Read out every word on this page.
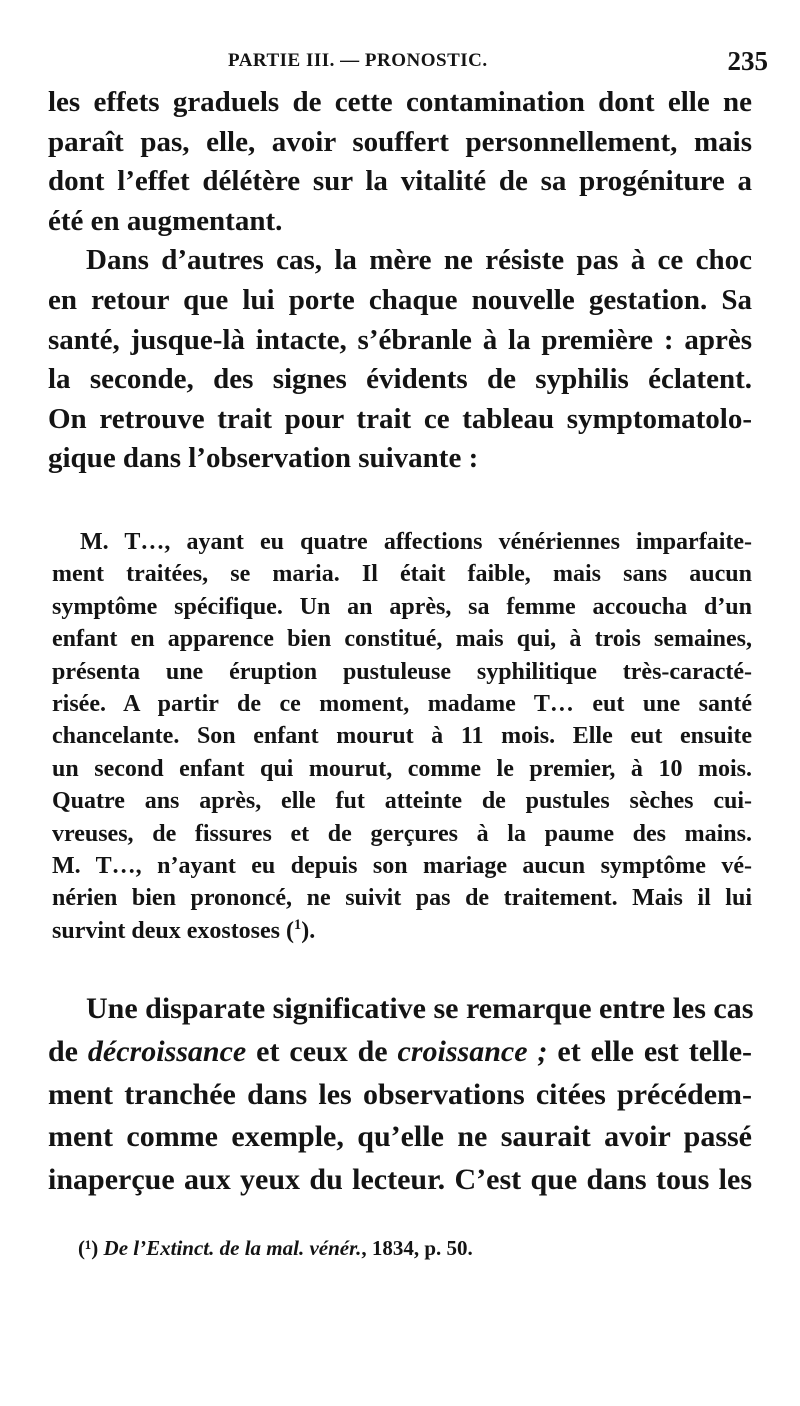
PARTIE III. — PRONOSTIC.	235
les effets graduels de cette contamination dont elle ne
paraît pas, elle, avoir souffert personnellement, mais
dont l’effet délétère sur la vitalité de sa progéniture a
été en augmentant.
Dans d’autres cas, la mère ne résiste pas à ce choc
en retour que lui porte chaque nouvelle gestation. Sa
santé, jusque-là intacte, s’ébranle à la première : après
la seconde, des signes évidents de syphilis éclatent.
On retrouve trait pour trait ce tableau symptomatolo-
gique dans l’observation suivante :
M. T…, ayant eu quatre affections vénériennes imparfaite-
ment traitées, se maria. Il était faible, mais sans aucun
symptôme spécifique. Un an après, sa femme accoucha d’un
enfant en apparence bien constitué, mais qui, à trois semaines,
présenta une éruption pustuleuse syphilitique très-caracté-
risée. A partir de ce moment, madame T… eut une santé
chancelante. Son enfant mourut à 11 mois. Elle eut ensuite
un second enfant qui mourut, comme le premier, à 10 mois.
Quatre ans après, elle fut atteinte de pustules sèches cui-
vreuses, de fissures et de gerçures à la paume des mains.
M. T…, n’ayant eu depuis son mariage aucun symptôme vé-
nérien bien prononcé, ne suivit pas de traitement. Mais il lui
survint deux exostoses ($^1$).
Une disparate significative se remarque entre les cas
de décroissance et ceux de croissance ; et elle est telle-
ment tranchée dans les observations citées précédem-
ment comme exemple, qu’elle ne saurait avoir passé
inaperçue aux yeux du lecteur. C’est que dans tous les
(¹) De l’Extinct. de la mal. vénér., 1834, p. 50.
